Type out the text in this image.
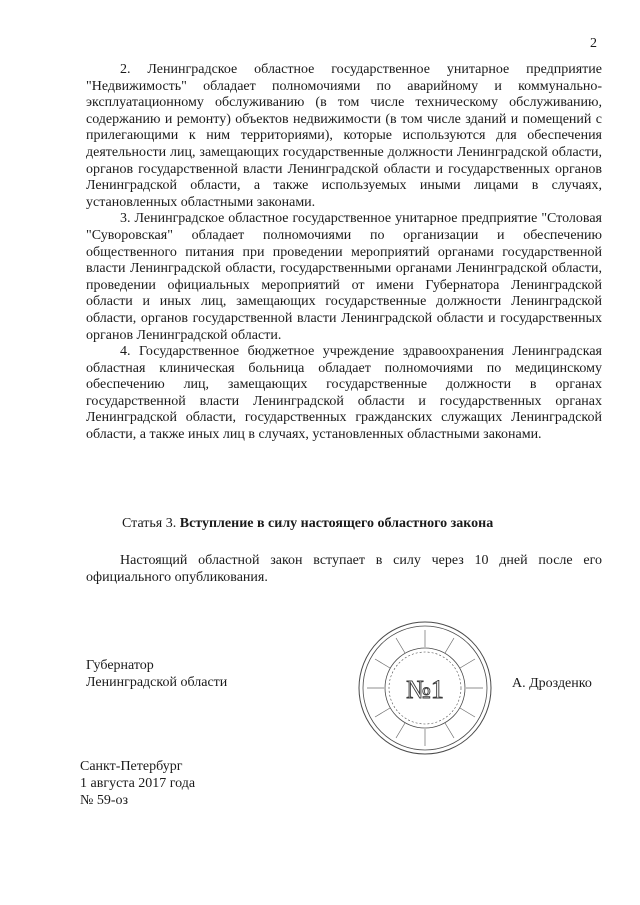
2

2. Ленинградское областное государственное унитарное предприятие "Недвижимость" обладает полномочиями по аварийному и коммунально-эксплуатационному обслуживанию (в том числе техническому обслуживанию, содержанию и ремонту) объектов недвижимости (в том числе зданий и помещений с прилегающими к ним территориями), которые используются для обеспечения деятельности лиц, замещающих государственные должности Ленинградской области, органов государственной власти Ленинградской области и государственных органов Ленинградской области, а также используемых иными лицами в случаях, установленных областными законами.

3. Ленинградское областное государственное унитарное предприятие "Столовая "Суворовская" обладает полномочиями по организации и обеспечению общественного питания при проведении мероприятий органами государственной власти Ленинградской области, государственными органами Ленинградской области, проведении официальных мероприятий от имени Губернатора Ленинградской области и иных лиц, замещающих государственные должности Ленинградской области, органов государственной власти Ленинградской области и государственных органов Ленинградской области.

4. Государственное бюджетное учреждение здравоохранения Ленинградская областная клиническая больница обладает полномочиями по медицинскому обеспечению лиц, замещающих государственные должности в органах государственной власти Ленинградской области и государственных органах Ленинградской области, государственных гражданских служащих Ленинградской области, а также иных лиц в случаях, установленных областными законами.

Статья 3. Вступление в силу настоящего областного закона

Настоящий областной закон вступает в силу через 10 дней после его официального опубликования.

Губернатор
Ленинградской области	№1	А. Дрозденко
Санкт-Петербург
1 августа 2017 года
№ 59-оз
